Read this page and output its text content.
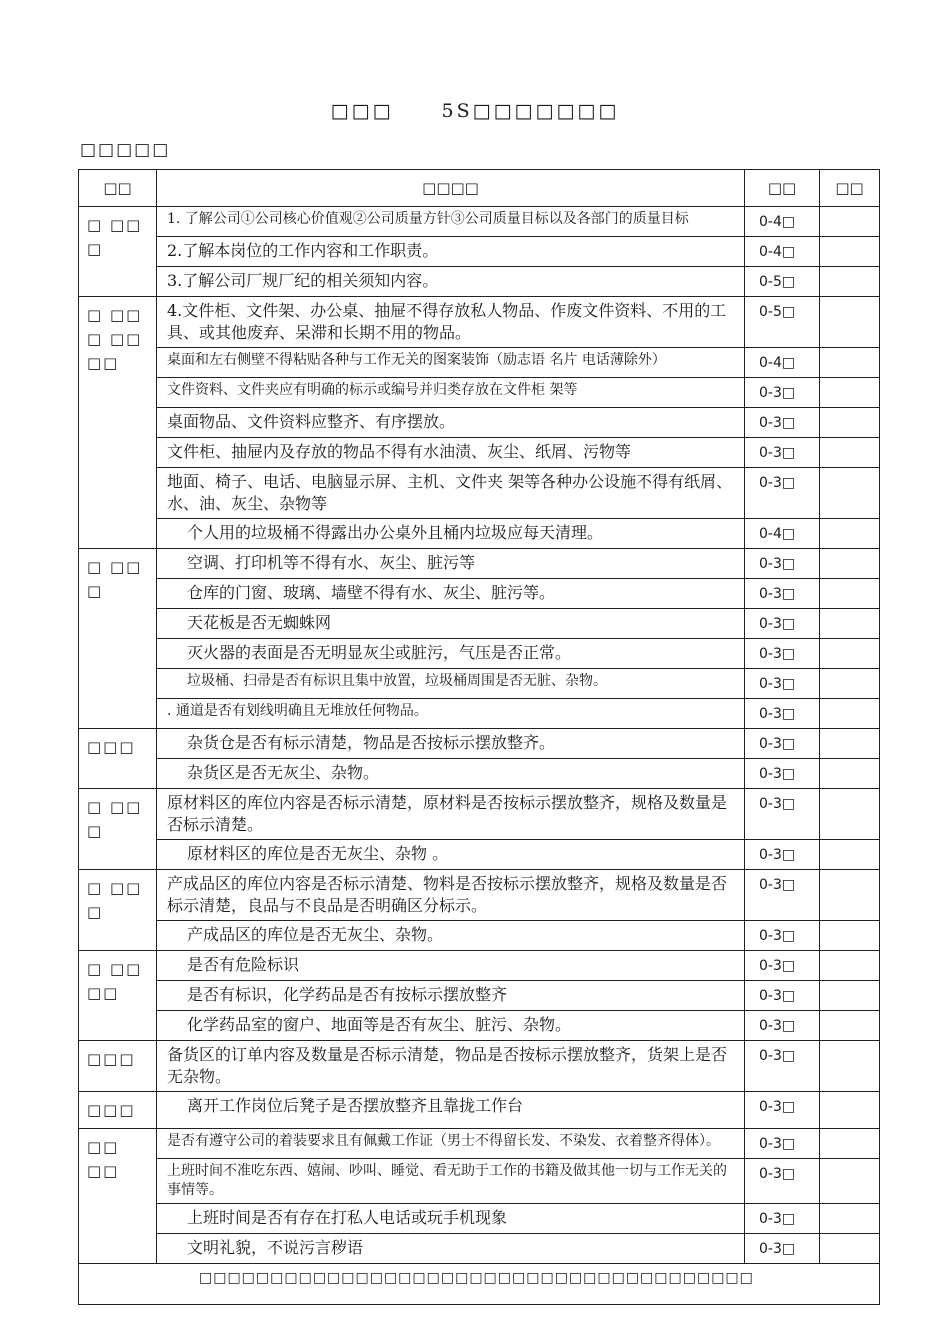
□□□	5S□□□□□□□
□□□□□
□□	□□□□	□□	□□
□ □□ □	1. 了解公司①公司核心价值观②公司质量方针③公司质量目标以及各部门的质量目标	0-4□	
	2.了解本岗位的工作内容和工作职责。	0-4□	
	3.了解公司厂规厂纪的相关须知内容。	0-5□	
□ □□ □ □□ □□	4.文件柜、文件架、办公桌、抽屉不得存放私人物品、作废文件资料、不用的工具、或其他废弃、呆滞和长期不用的物品。	0-5□	
	桌面和左右侧壁不得粘贴各种与工作无关的图案装饰（励志语 名片 电话薄除外）	0-4□	
	文件资料、文件夹应有明确的标示或编号并归类存放在文件柜 架等	0-3□	
	桌面物品、文件资料应整齐、有序摆放。	0-3□	
	文件柜、抽屉内及存放的物品不得有水油渍、灰尘、纸屑、污物等	0-3□	
	地面、椅子、电话、电脑显示屏、主机、文件夹 架等各种办公设施不得有纸屑、水、油、灰尘、杂物等	0-3□	
	个人用的垃圾桶不得露出办公桌外且桶内垃圾应每天清理。	0-4□	
□ □□ □	空调、打印机等不得有水、灰尘、脏污等	0-3□	
	仓库的门窗、玻璃、墙壁不得有水、灰尘、脏污等。	0-3□	
	天花板是否无蜘蛛网	0-3□	
	灭火器的表面是否无明显灰尘或脏污，气压是否正常。	0-3□	
	垃圾桶、扫帚是否有标识且集中放置，垃圾桶周围是否无脏、杂物。	0-3□	
	. 通道是否有划线明确且无堆放任何物品。	0-3□	
□□□	杂货仓是否有标示清楚，物品是否按标示摆放整齐。	0-3□	
	杂货区是否无灰尘、杂物。	0-3□	
□ □□ □	原材料区的库位内容是否标示清楚，原材料是否按标示摆放整齐，规格及数量是否标示清楚。	0-3□	
	原材料区的库位是否无灰尘、杂物 。	0-3□	
□ □□ □	产成品区的库位内容是否标示清楚、物料是否按标示摆放整齐，规格及数量是否标示清楚，良品与不良品是否明确区分标示。	0-3□	
	产成品区的库位是否无灰尘、杂物。	0-3□	
□ □□ □□	是否有危险标识	0-3□	
	是否有标识，化学药品是否有按标示摆放整齐	0-3□	
	化学药品室的窗户、地面等是否有灰尘、脏污、杂物。	0-3□	
□□□	备货区的订单内容及数量是否标示清楚，物品是否按标示摆放整齐，货架上是否无杂物。	0-3□	
□□□	离开工作岗位后凳子是否摆放整齐且靠拢工作台	0-3□	
□□ □□	是否有遵守公司的着装要求且有佩戴工作证（男士不得留长发、不染发、衣着整齐得体）。	0-3□	
	上班时间不准吃东西、嬉闹、吵叫、睡觉、看无助于工作的书籍及做其他一切与工作无关的事情等。	0-3□	
	上班时间是否有存在打私人电话或玩手机现象	0-3□	
	文明礼貌，不说污言秽语	0-3□	
□□□□□□□□□□□□□□□□□□□□□□□□□□□□□□□□□□□□□□□			
